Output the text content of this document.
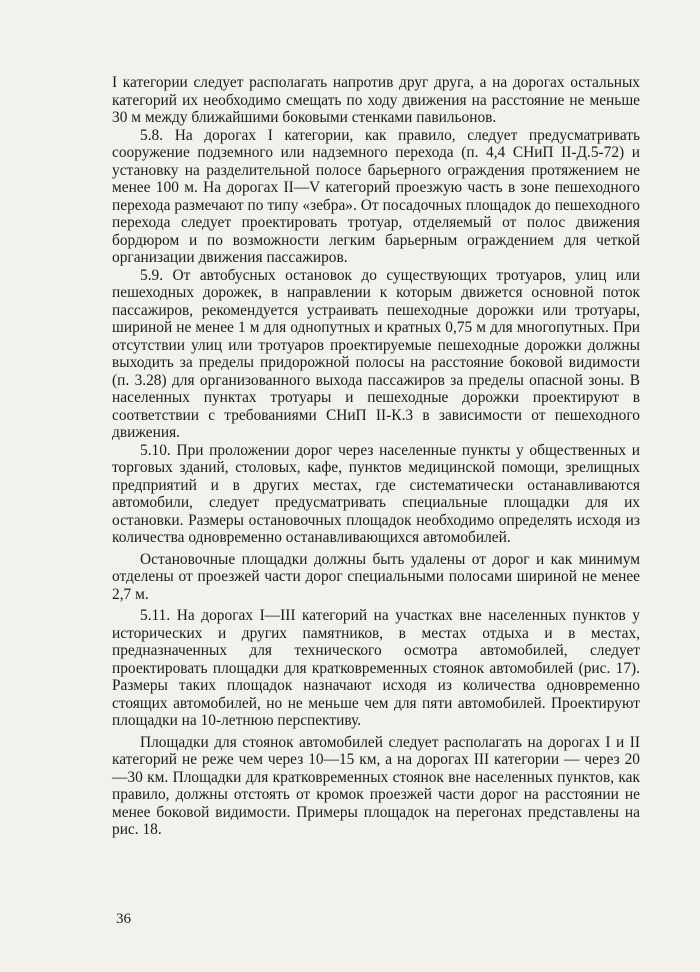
I категории следует располагать напротив друг друга, а на дорогах остальных категорий их необходимо смещать по ходу движения на расстояние не меньше 30 м между ближайшими боковыми стенками павильонов.

5.8. На дорогах I категории, как правило, следует предусматривать сооружение подземного или надземного перехода (п. 4,4 СНиП II-Д.5-72) и установку на разделительной полосе барьерного ограждения протяжением не менее 100 м. На дорогах II—V категорий проезжую часть в зоне пешеходного перехода размечают по типу «зебра». От посадочных площадок до пешеходного перехода следует проектировать тротуар, отделяемый от полос движения бордюром и по возможности легким барьерным ограждением для четкой организации движения пассажиров.

5.9. От автобусных остановок до существующих тротуаров, улиц или пешеходных дорожек, в направлении к которым движется основной поток пассажиров, рекомендуется устраивать пешеходные дорожки или тротуары, шириной не менее 1 м для однопутных и кратных 0,75 м для многопутных. При отсутствии улиц или тротуаров проектируемые пешеходные дорожки должны выходить за пределы придорожной полосы на расстояние боковой видимости (п. 3.28) для организованного выхода пассажиров за пределы опасной зоны. В населенных пунктах тротуары и пешеходные дорожки проектируют в соответствии с требованиями СНиП II-К.3 в зависимости от пешеходного движения.

5.10. При проложении дорог через населенные пункты у общественных и торговых зданий, столовых, кафе, пунктов медицинской помощи, зрелищных предприятий и в других местах, где систематически останавливаются автомобили, следует предусматривать специальные площадки для их остановки. Размеры остановочных площадок необходимо определять исходя из количества одновременно останавливающихся автомобилей.

Остановочные площадки должны быть удалены от дорог и как минимум отделены от проезжей части дорог специальными полосами шириной не менее 2,7 м.

5.11. На дорогах I—III категорий на участках вне населенных пунктов у исторических и других памятников, в местах отдыха и в местах, предназначенных для технического осмотра автомобилей, следует проектировать площадки для кратковременных стоянок автомобилей (рис. 17). Размеры таких площадок назначают исходя из количества одновременно стоящих автомобилей, но не меньше чем для пяти автомобилей. Проектируют площадки на 10-летнюю перспективу.

Площадки для стоянок автомобилей следует располагать на дорогах I и II категорий не реже чем через 10—15 км, а на дорогах III категории — через 20—30 км. Площадки для кратковременных стоянок вне населенных пунктов, как правило, должны отстоять от кромок проезжей части дорог на расстоянии не менее боковой видимости. Примеры площадок на перегонах представлены на рис. 18.

36
